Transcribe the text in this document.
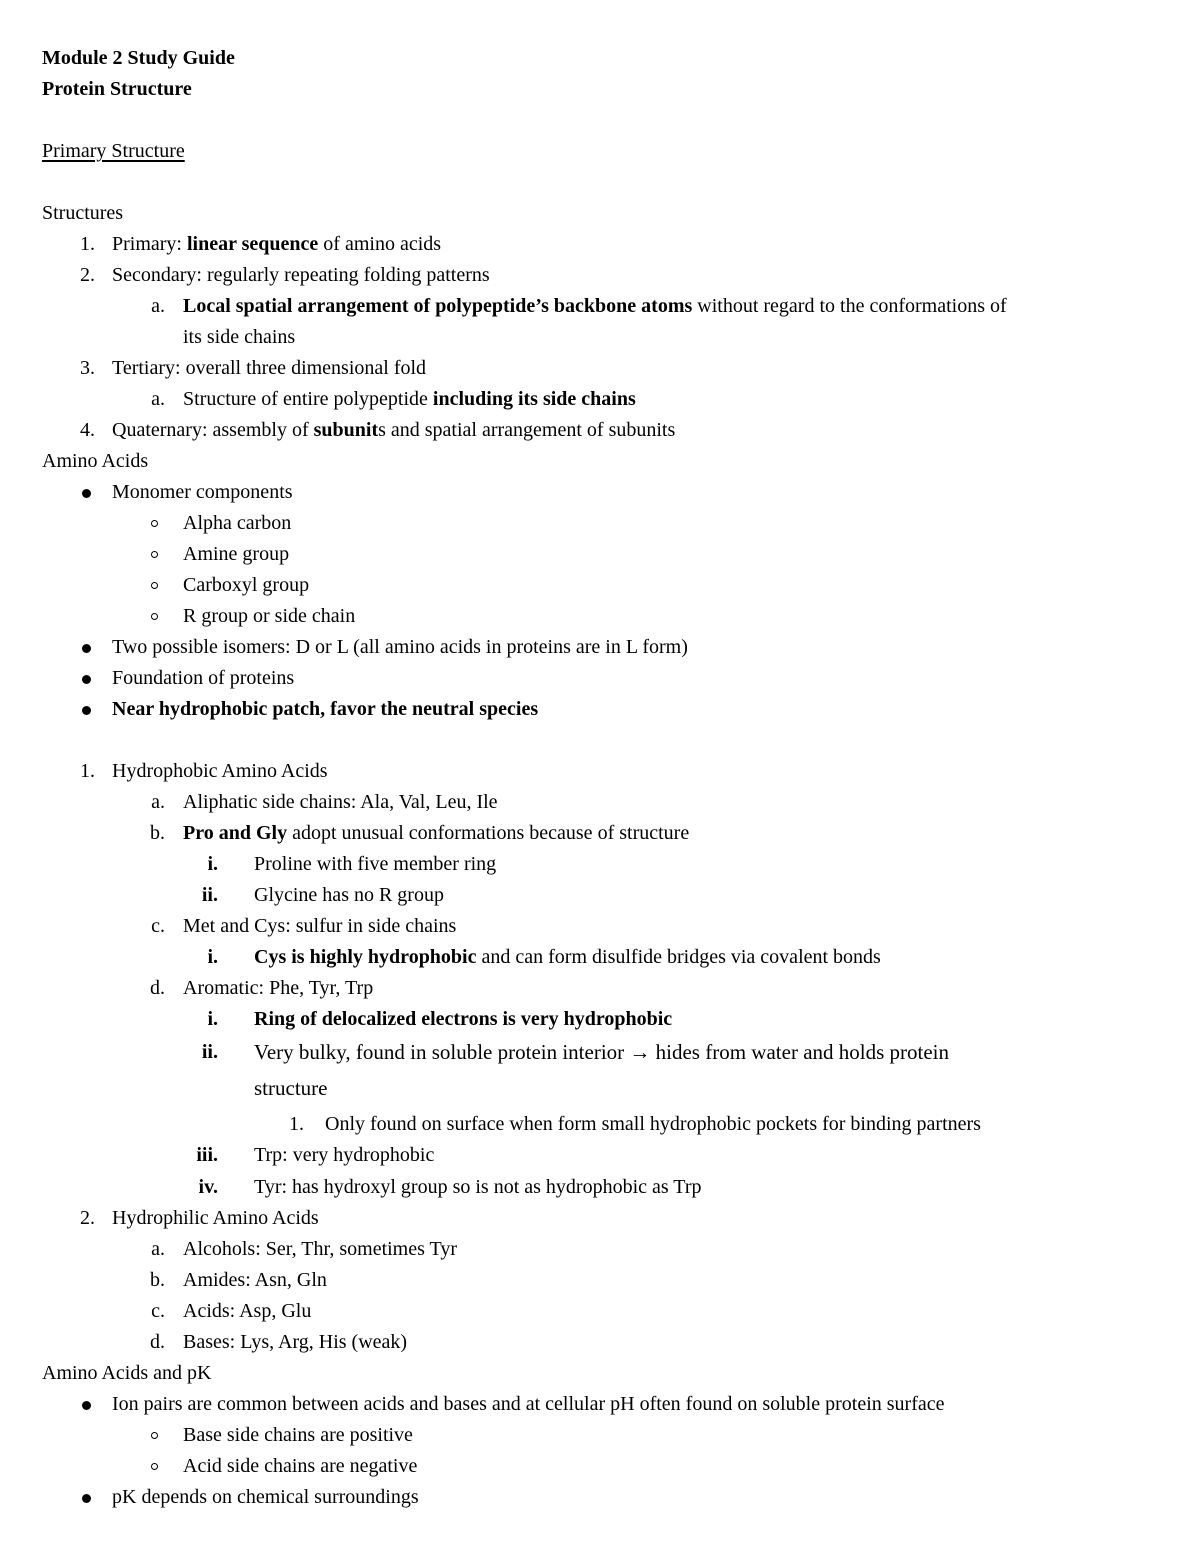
Module 2 Study Guide
Protein Structure
Primary Structure
Structures
1. Primary: linear sequence of amino acids
2. Secondary: regularly repeating folding patterns
a. Local spatial arrangement of polypeptide’s backbone atoms without regard to the conformations of
its side chains
3. Tertiary: overall three dimensional fold
a. Structure of entire polypeptide including its side chains
4. Quaternary: assembly of subunits and spatial arrangement of subunits
Amino Acids
Monomer components
Alpha carbon
Amine group
Carboxyl group
R group or side chain
Two possible isomers: D or L (all amino acids in proteins are in L form)
Foundation of proteins
Near hydrophobic patch, favor the neutral species
1. Hydrophobic Amino Acids
a. Aliphatic side chains: Ala, Val, Leu, Ile
b. Pro and Gly adopt unusual conformations because of structure
i. Proline with five member ring
ii. Glycine has no R group
c. Met and Cys: sulfur in side chains
i. Cys is highly hydrophobic and can form disulfide bridges via covalent bonds
d. Aromatic: Phe, Tyr, Trp
i. Ring of delocalized electrons is very hydrophobic
ii. Very bulky, found in soluble protein interior → hides from water and holds protein
structure
1. Only found on surface when form small hydrophobic pockets for binding partners
iii. Trp: very hydrophobic
iv. Tyr: has hydroxyl group so is not as hydrophobic as Trp
2. Hydrophilic Amino Acids
a. Alcohols: Ser, Thr, sometimes Tyr
b. Amides: Asn, Gln
c. Acids: Asp, Glu
d. Bases: Lys, Arg, His (weak)
Amino Acids and pK
Ion pairs are common between acids and bases and at cellular pH often found on soluble protein surface
Base side chains are positive
Acid side chains are negative
pK depends on chemical surroundings
